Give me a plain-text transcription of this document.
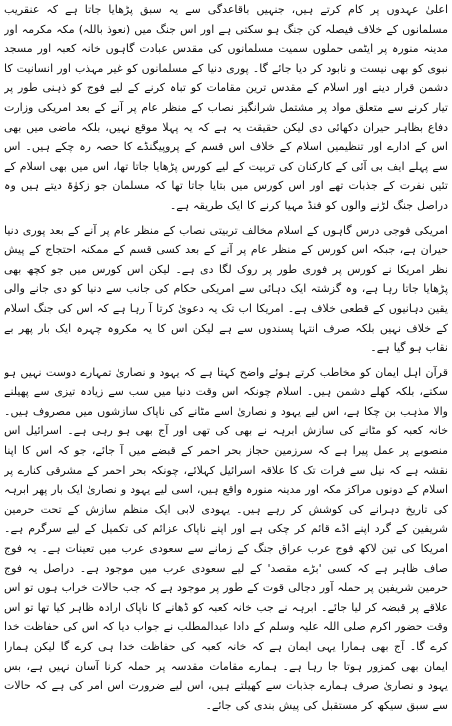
اعلیٰ عہدوں پر کام کرتے ہیں، جنہیں باقاعدگی سے یہ سبق پڑھایا جاتا ہے کہ عنقریب مسلمانوں کے خلاف فیصلہ کن جنگ ہو سکتی ہے اور اس جنگ میں (نعوذ باللہ) مکہ مکرمہ اور مدینہ منورہ پر ایٹمی حملوں سمیت مسلمانوں کی مقدس عبادت گاہوں خانہ کعبہ اور مسجد نبوی کو بھی نیست و نابود کر دیا جائے گا۔ پوری دنیا کے مسلمانوں کو غیر مہذب اور انسانیت کا دشمن قرار دینے اور اسلام کے مقدس ترین مقامات کو تباہ کرنے کے لیے فوج کو ذہنی طور پر تیار کرنے سے متعلق مواد پر مشتمل شرانگیز نصاب کے منظر عام پر آنے کے بعد امریکی وزارت دفاع بظاہر حیران دکھائی دی لیکن حقیقت یہ ہے کہ یہ پہلا موقع نہیں، بلکہ ماضی میں بھی اس کے ادارے اور تنظیمیں اسلام کے خلاف اس قسم کے پروپیگنڈے کا حصہ رہ چکے ہیں۔ اس سے پہلے ایف بی آئی کے کارکنان کی تربیت کے لیے کورس پڑھایا جاتا تھا، اس میں بھی اسلام کے تئیں نفرت کے جذبات تھے اور اس کورس میں بتایا جاتا تھا کہ مسلمان جو زکوٰۃ دیتے ہیں وہ دراصل جنگ لڑنے والوں کو فنڈ مہیا کرنے کا ایک طریقہ ہے۔

امریکی فوجی درس گاہوں کے اسلام مخالف تربیتی نصاب کے منظر عام پر آنے کے بعد پوری دنیا حیران ہے، جبکہ اس کورس کے منظر عام پر آنے کے بعد کسی قسم کے ممکنہ احتجاج کے پیش نظر امریکا نے کورس پر فوری طور پر روک لگا دی ہے۔ لیکن اس کورس میں جو کچھ بھی پڑھایا جاتا رہا ہے، وہ گزشتہ ایک دہائی سے امریکی حکام کی جانب سے دنیا کو دی جانے والی یقین دہانیوں کے قطعی خلاف ہے۔ امریکا اب تک یہ دعویٰ کرتا آ رہا ہے کہ اس کی جنگ اسلام کے خلاف نہیں بلکہ صرف انتہا پسندوں سے ہے لیکن اس کا یہ مکروہ چہرہ ایک بار پھر بے نقاب ہو گیا ہے۔

قرآن اہل ایمان کو مخاطب کرتے ہوئے واضح کہتا ہے کہ یہود و نصاریٰ تمہارے دوست نہیں ہو سکتے، بلکہ کھلے دشمن ہیں۔ اسلام چونکہ اس وقت دنیا میں سب سے زیادہ تیزی سے پھیلنے والا مذہب بن چکا ہے، اس لیے یہود و نصاریٰ اسے مٹانے کی ناپاک سازشوں میں مصروف ہیں۔ خانہ کعبہ کو مٹانے کی سازش ابرہہ نے بھی کی تھی اور آج بھی ہو رہی ہے۔ اسرائیل اس منصوبے پر عمل پیرا ہے کہ سرزمین حجاز بحر احمر کے قبضے میں آ جائے، جو کہ اس کا اپنا نقشہ ہے کہ نیل سے فرات تک کا علاقہ اسرائیل کہلائے، چونکہ بحر احمر کے مشرقی کنارے پر اسلام کے دونوں مراکز مکہ اور مدینہ منورہ واقع ہیں، اسی لیے یہود و نصاریٰ ایک بار پھر ابرہہ کی تاریخ دہرانے کی کوشش کر رہے ہیں۔ یہودی لابی ایک منظم سازش کے تحت حرمین شریفین کے گرد اپنے اڈے قائم کر چکی ہے اور اپنے ناپاک عزائم کی تکمیل کے لیے سرگرم ہے۔ امریکا کی تین لاکھ فوج عرب عراق جنگ کے زمانے سے سعودی عرب میں تعینات ہے۔ یہ فوج صاف ظاہر ہے کہ کسی 'بڑے مقصد' کے لیے سعودی عرب میں موجود ہے۔ دراصل یہ فوج حرمین شریفین پر حملہ آور دجالی قوت کے طور پر موجود ہے کہ جب حالات خراب ہوں تو اس علاقے پر قبضہ کر لیا جائے۔ ابرہہ نے جب خانہ کعبہ کو ڈھانے کا ناپاک ارادہ ظاہر کیا تھا تو اس وقت حضور اکرم صلی اللہ علیہ وسلم کے دادا عبدالمطلب نے جواب دیا کہ اس کی حفاظت خدا کرے گا۔ آج بھی ہمارا یہی ایمان ہے کہ خانہ کعبہ کی حفاظت خدا ہی کرے گا لیکن ہمارا ایمان بھی کمزور ہوتا جا رہا ہے۔ ہمارے مقامات مقدسہ پر حملہ کرنا آسان نہیں ہے، بس یہود و نصاریٰ صرف ہمارے جذبات سے کھیلتے ہیں، اس لیے ضرورت اس امر کی ہے کہ حالات سے سبق سیکھ کر مستقبل کی پیش بندی کی جائے۔
